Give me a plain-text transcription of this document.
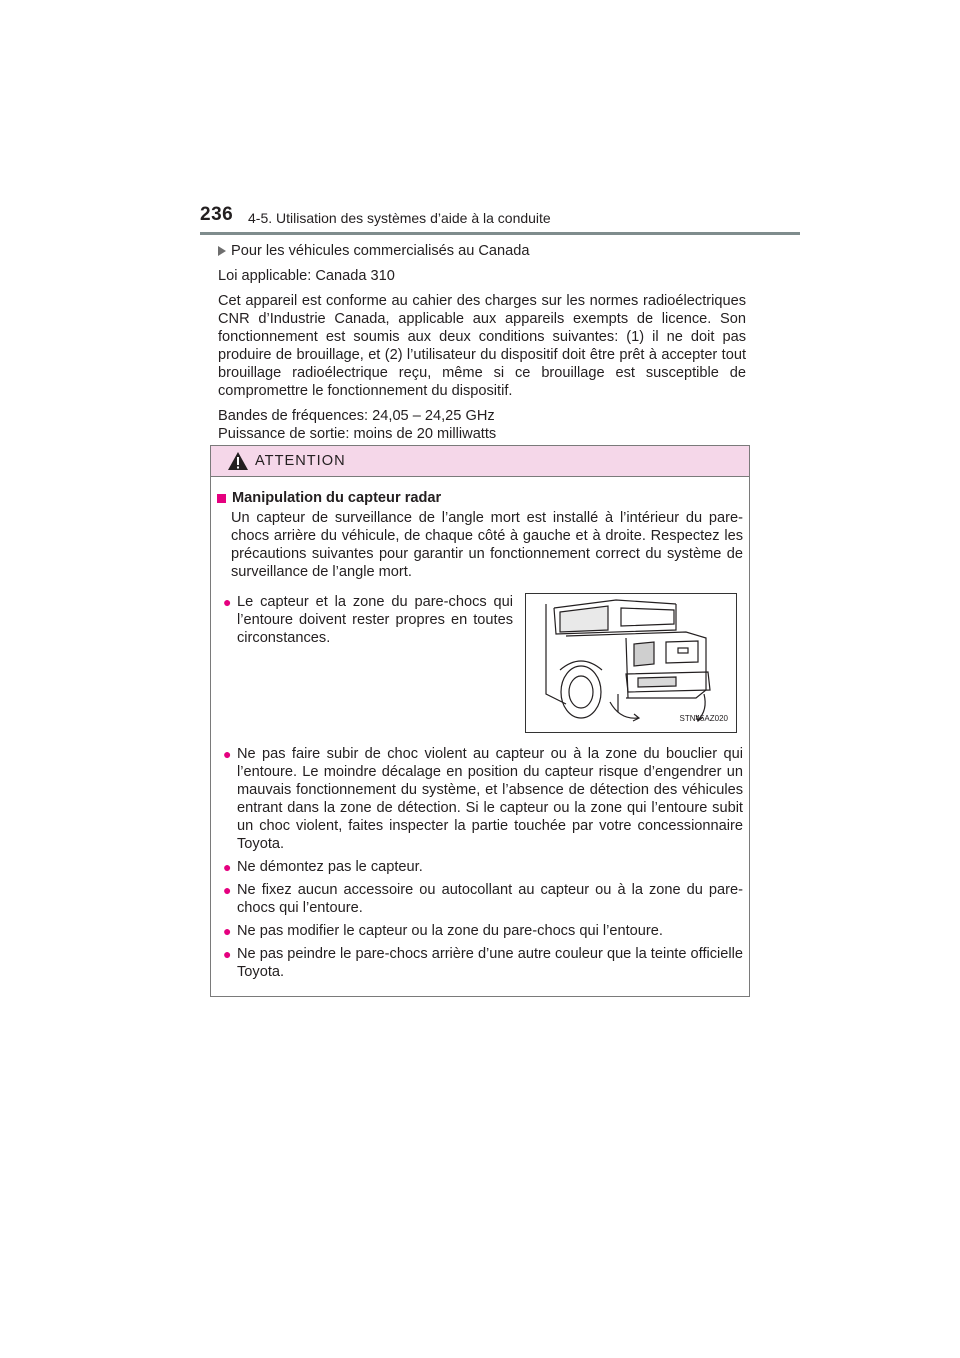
236 4-5. Utilisation des systèmes d’aide à la conduite

Pour les véhicules commercialisés au Canada

Loi applicable: Canada 310

Cet appareil est conforme au cahier des charges sur les normes radioélectriques CNR d’Industrie Canada, applicable aux appareils exempts de licence. Son fonctionnement est soumis aux deux conditions suivantes: (1) il ne doit pas produire de brouillage, et (2) l’utilisateur du dispositif doit être prêt à accepter tout brouillage radioélectrique reçu, même si ce brouillage est susceptible de compromettre le fonctionnement du dispositif.

Bandes de fréquences: 24,05 – 24,25 GHz

Puissance de sortie: moins de 20 milliwatts

ATTENTION
Manipulation du capteur radar

Un capteur de surveillance de l’angle mort est installé à l’intérieur du pare-chocs arrière du véhicule, de chaque côté à gauche et à droite. Respectez les précautions suivantes pour garantir un fonctionnement correct du système de surveillance de l’angle mort.

● Le capteur et la zone du pare-chocs qui l’entoure doivent rester propres en toutes circonstances.
STN45AZ020
● Ne pas faire subir de choc violent au capteur ou à la zone du bouclier qui l’entoure. Le moindre décalage en position du capteur risque d’engendrer un mauvais fonctionnement du système, et l’absence de détection des véhicules entrant dans la zone de détection. Si le capteur ou la zone qui l’entoure subit un choc violent, faites inspecter la partie touchée par votre concessionnaire Toyota.
● Ne démontez pas le capteur.
● Ne fixez aucun accessoire ou autocollant au capteur ou à la zone du pare-chocs qui l’entoure.
● Ne pas modifier le capteur ou la zone du pare-chocs qui l’entoure.
● Ne pas peindre le pare-chocs arrière d’une autre couleur que la teinte officielle Toyota.
